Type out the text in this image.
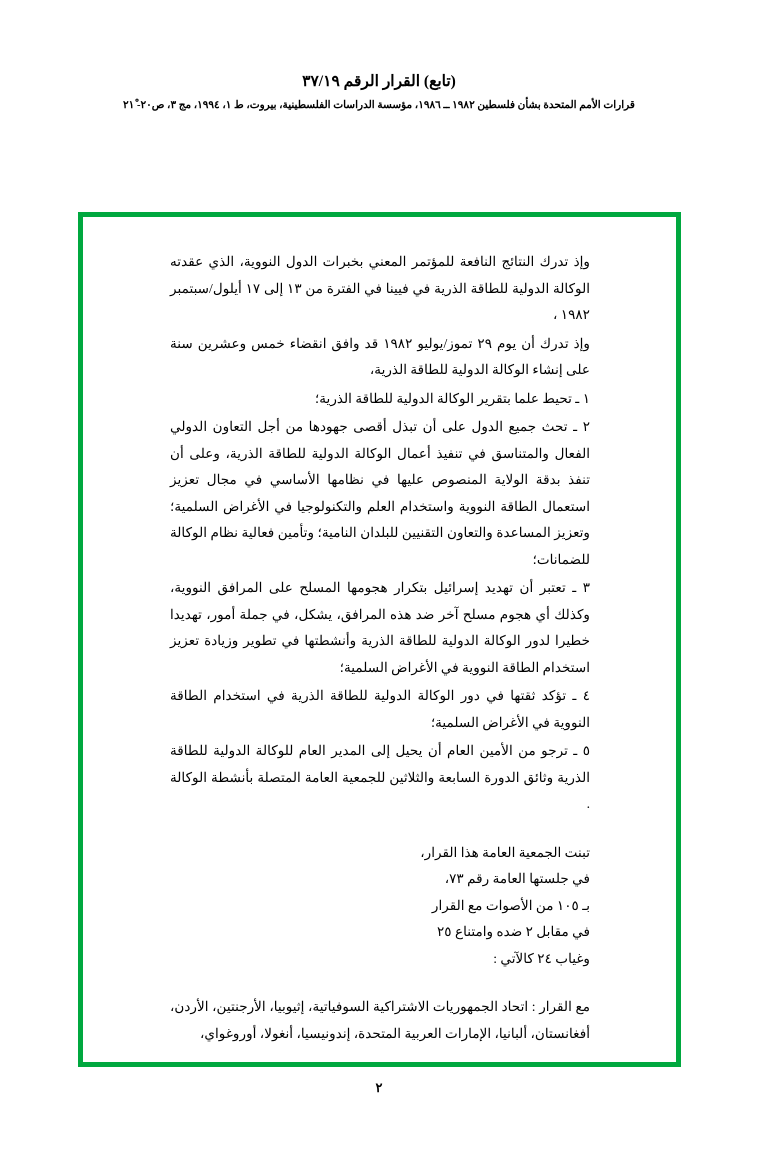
(تابع) القرار الرقم ٣٧/١٩
قرارات الأمم المتحدة بشأن فلسطين ١٩٨٢ ــ ١٩٨٦، مؤسسة الدراسات الفلسطينية، بيروت، ط ١، ١٩٩٤، مج ٣، ص٢٠- ٢١ْ

وإذ تدرك النتائج النافعة للمؤتمر المعني بخبرات الدول النووية، الذي عقدته الوكالة الدولية للطاقة الذرية في فيينا في الفترة من ١٣ إلى ١٧ أيلول/سبتمبر ١٩٨٢ ،

وإذ تدرك أن يوم ٢٩ تموز/يوليو ١٩٨٢ قد وافق انقضاء خمس وعشرين سنة على إنشاء الوكالة الدولية للطاقة الذرية،

١ ـ تحيط علما بتقرير الوكالة الدولية للطاقة الذرية؛

٢ ـ تحث جميع الدول على أن تبذل أقصى جهودها من أجل التعاون الدولي الفعال والمتناسق في تنفيذ أعمال الوكالة الدولية للطاقة الذرية، وعلى أن تنفذ بدقة الولاية المنصوص عليها في نظامها الأساسي في مجال تعزيز استعمال الطاقة النووية واستخدام العلم والتكنولوجيا في الأغراض السلمية؛ وتعزيز المساعدة والتعاون التقنيين للبلدان النامية؛ وتأمين فعالية نظام الوكالة للضمانات؛

٣ ـ تعتبر أن تهديد إسرائيل بتكرار هجومها المسلح على المرافق النووية، وكذلك أي هجوم مسلح آخر ضد هذه المرافق، يشكل، في جملة أمور، تهديدا خطيرا لدور الوكالة الدولية للطاقة الذرية وأنشطتها في تطوير وزيادة تعزيز استخدام الطاقة النووية في الأغراض السلمية؛

٤ ـ تؤكد ثقتها في دور الوكالة الدولية للطاقة الذرية في استخدام الطاقة النووية في الأغراض السلمية؛

٥ ـ ترجو من الأمين العام أن يحيل إلى المدير العام للوكالة الدولية للطاقة الذرية وثائق الدورة السابعة والثلاثين للجمعية العامة المتصلة بأنشطة الوكالة .

تبنت الجمعية العامة هذا القرار،
في جلستها العامة رقم ٧٣،
بـ ١٠٥ من الأصوات مع القرار
في مقابل ٢ ضده وامتناع ٢٥
وغياب ٢٤ كالآتي :
مع القرار : اتحاد الجمهوريات الاشتراكية السوفياتية، إثيوبيا، الأرجنتين، الأردن، أفغانستان، ألبانيا، الإمارات العربية المتحدة، إندونيسيا، أنغولا، أوروغواي،
٢
